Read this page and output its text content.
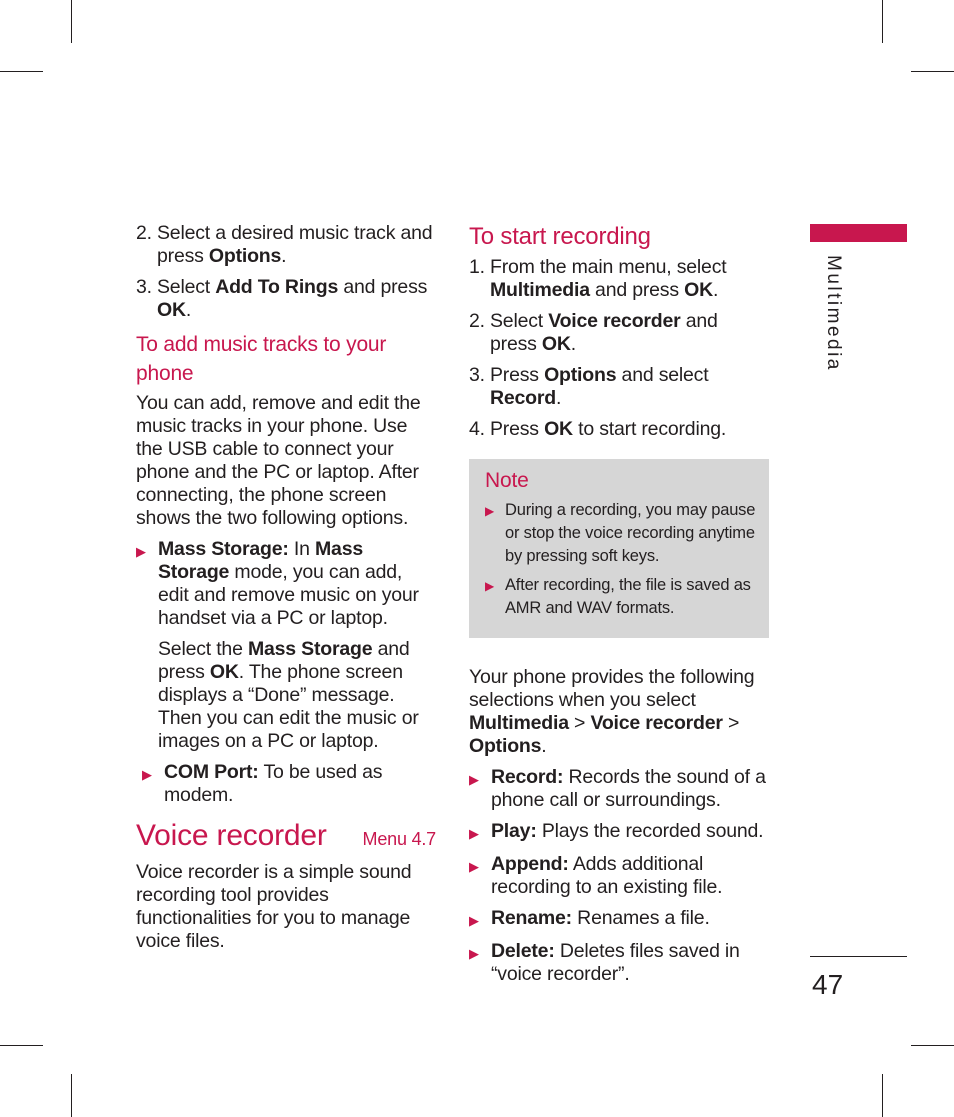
2. Select a desired music track and press Options.
3. Select Add To Rings and press OK.

To add music tracks to your phone

You can add, remove and edit the music tracks in your phone. Use the USB cable to connect your phone and the PC or laptop. After connecting, the phone screen shows the two following options.

▶ Mass Storage: In Mass Storage mode, you can add, edit and remove music on your handset via a PC or laptop.

Select the Mass Storage and press OK. The phone screen displays a “Done” message. Then you can edit the music or images on a PC or laptop.

▶ COM Port: To be used as modem.
Voice recorder Menu 4.7

Voice recorder is a simple sound recording tool provides functionalities for you to manage voice files.

To start recording

1. From the main menu, select Multimedia and press OK.
2. Select Voice recorder and press OK.
3. Press Options and select Record.
4. Press OK to start recording.
Note
▶ During a recording, you may pause or stop the voice recording anytime by pressing soft keys.
▶ After recording, the file is saved as AMR and WAV formats.

Your phone provides the following selections when you select Multimedia > Voice recorder > Options.

▶ Record: Records the sound of a phone call or surroundings.
▶ Play: Plays the recorded sound.
▶ Append: Adds additional recording to an existing file.
▶ Rename: Renames a file.
▶ Delete: Deletes files saved in “voice recorder”.
Multimedia
47
